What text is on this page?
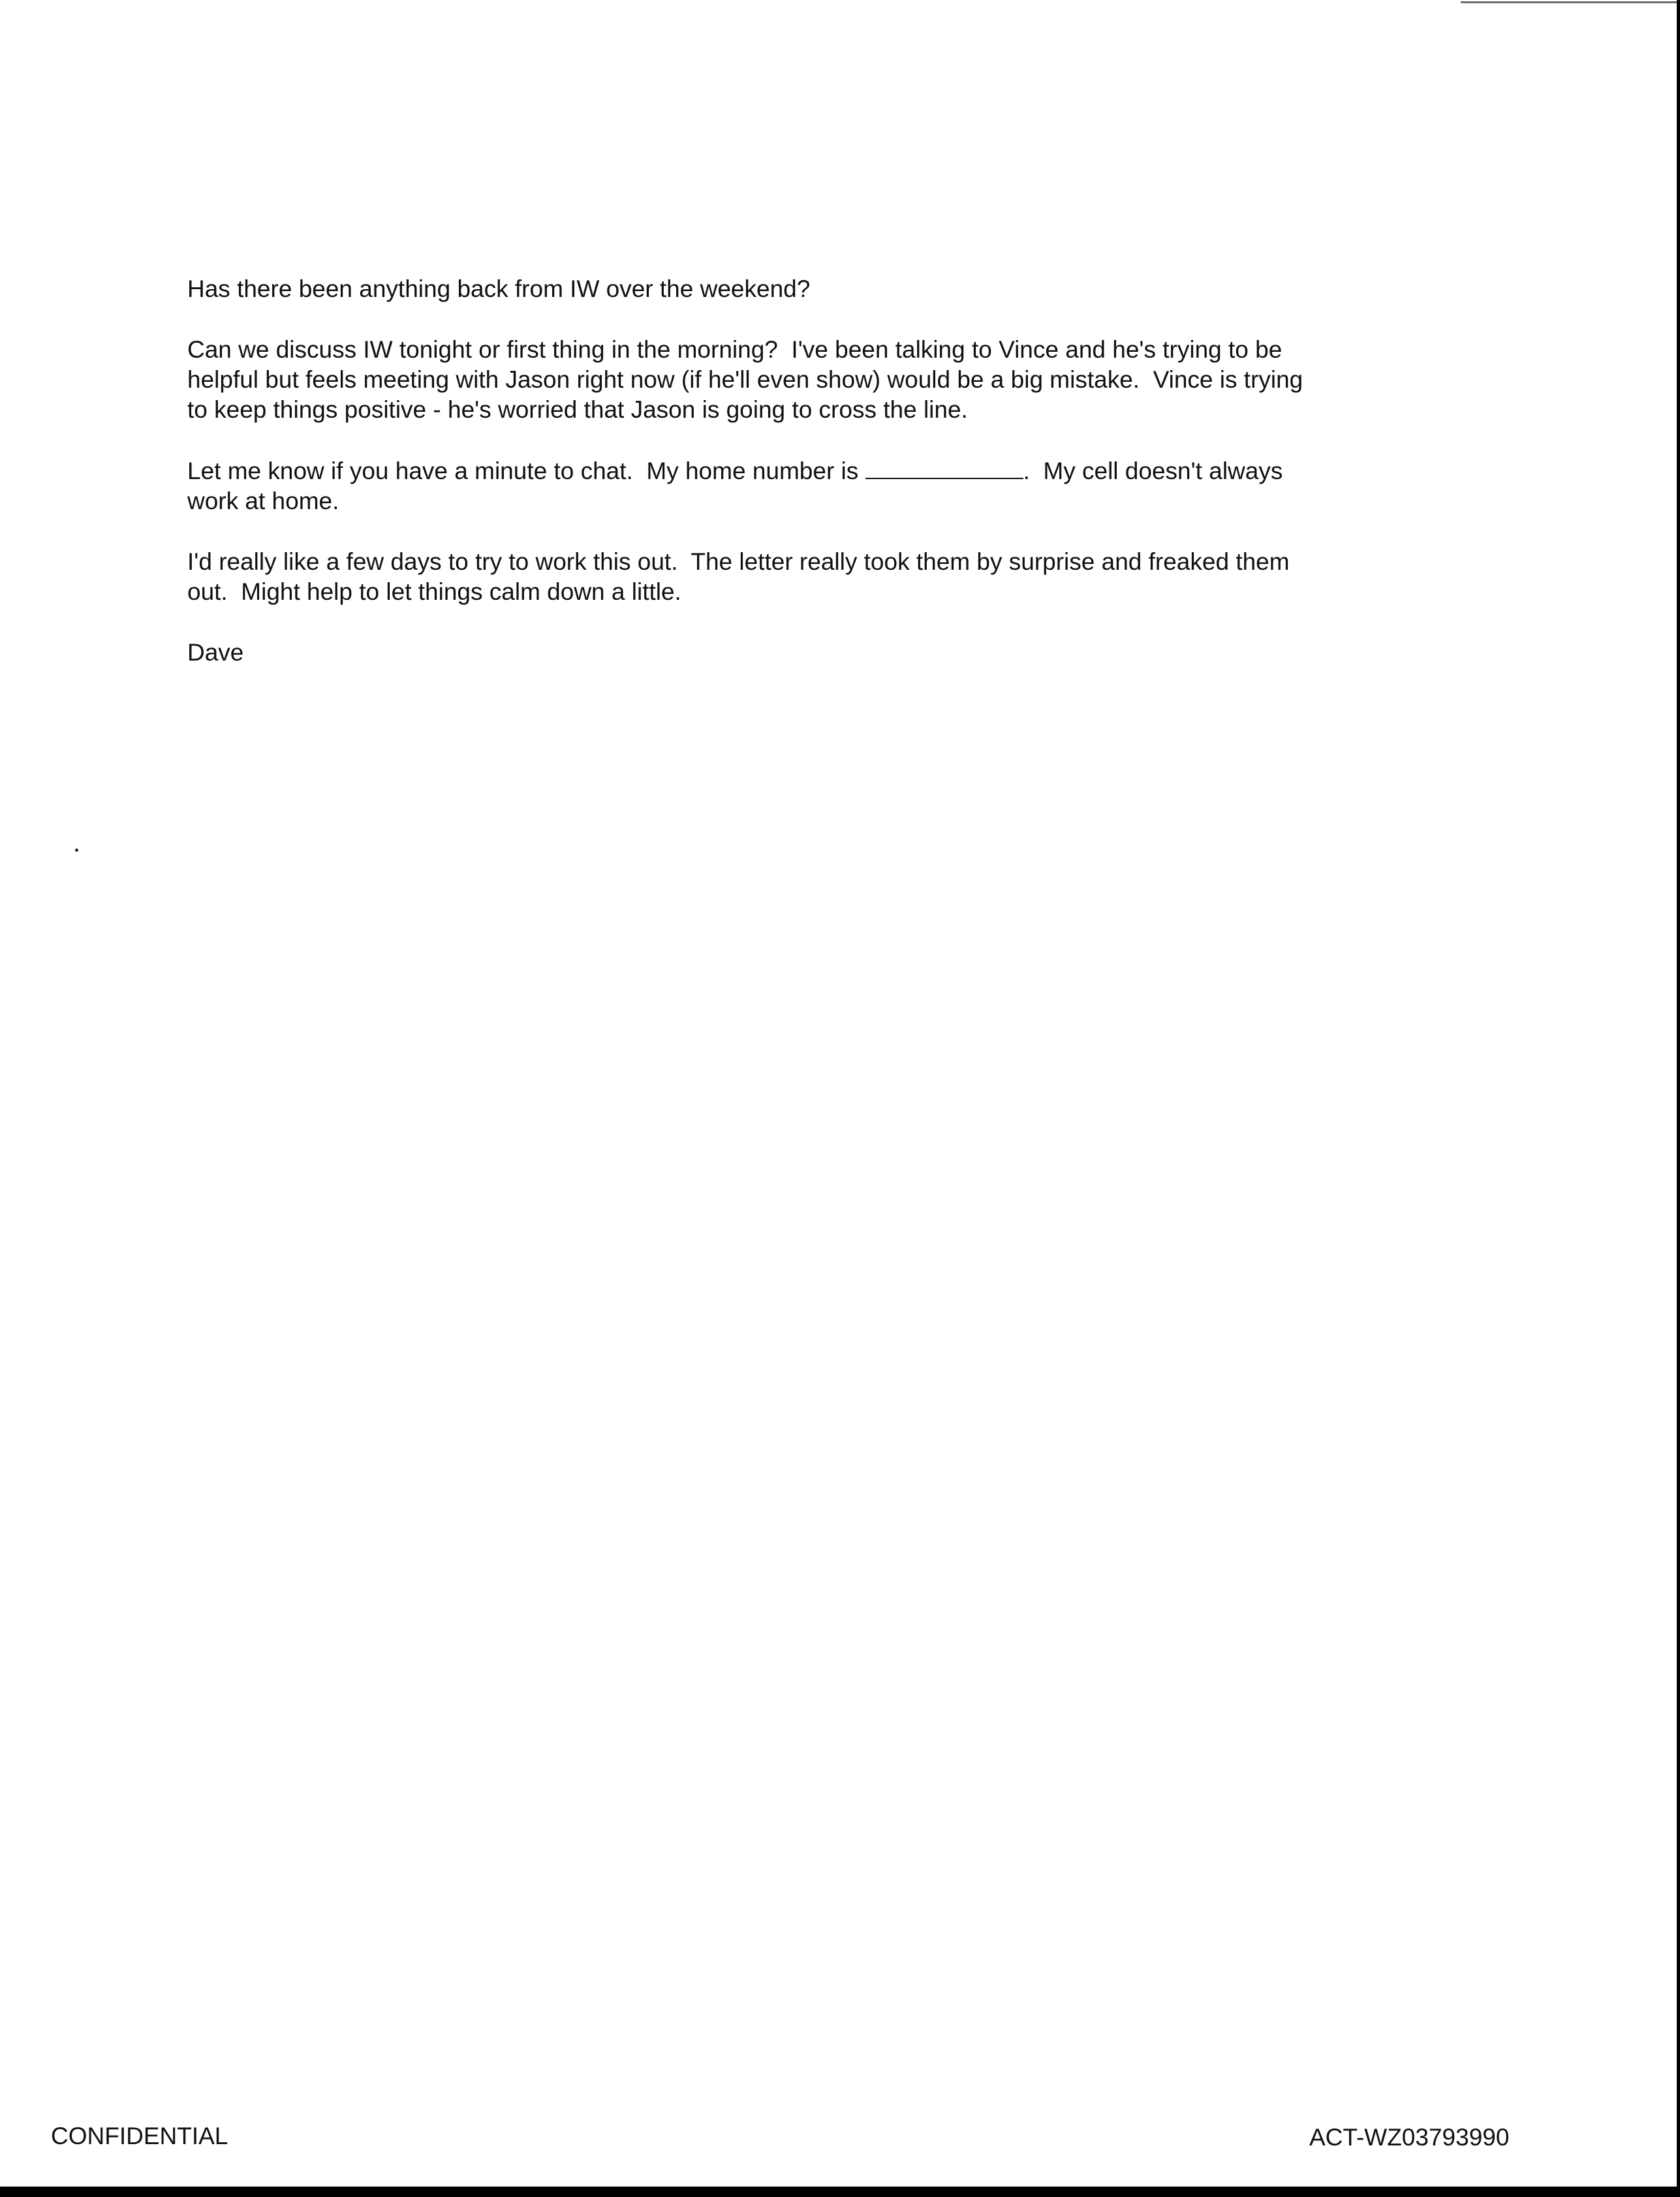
Has there been anything back from IW over the weekend?

Can we discuss IW tonight or first thing in the morning?  I've been talking to Vince and he's trying to be
helpful but feels meeting with Jason right now (if he'll even show) would be a big mistake.  Vince is trying
to keep things positive - he's worried that Jason is going to cross the line.

Let me know if you have a minute to chat.  My home number is	.  My cell doesn't always
work at home.

I'd really like a few days to try to work this out.  The letter really took them by surprise and freaked them
out.  Might help to let things calm down a little.

Dave

CONFIDENTIAL	ACT-WZ03793990
